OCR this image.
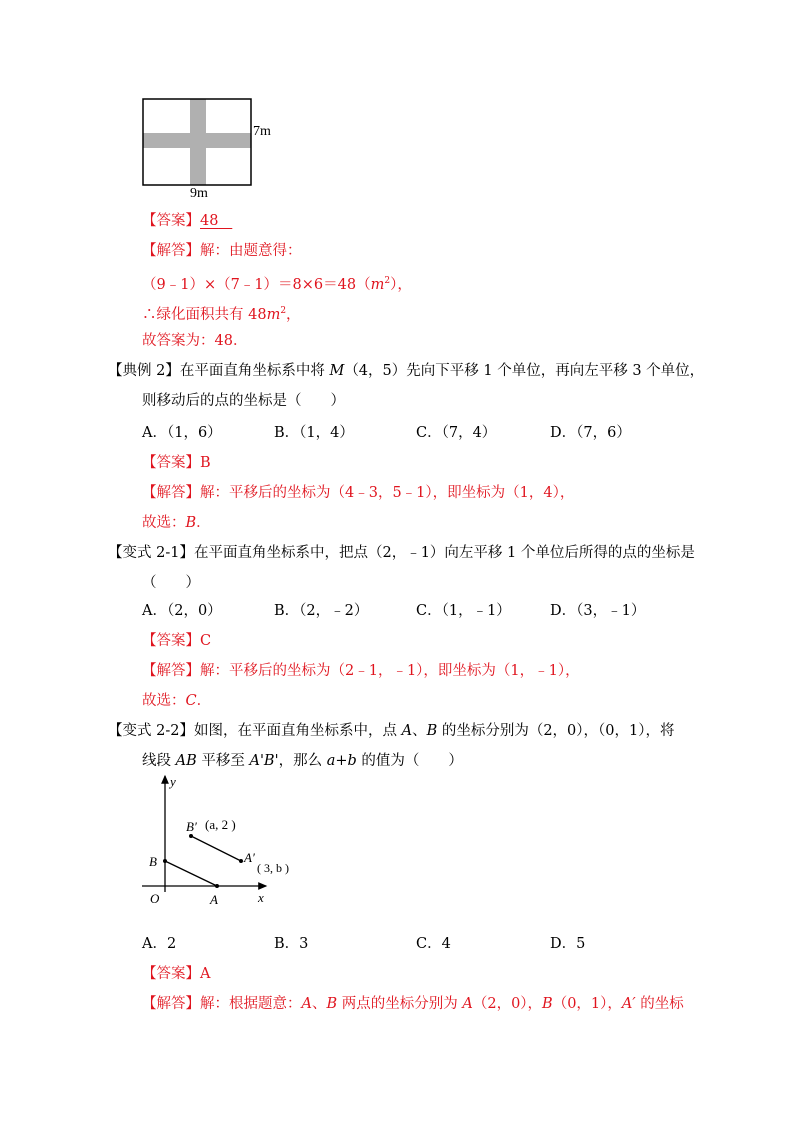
7m
9m
【答案】48
【解答】解：由题意得：
$(9﹣1)\times(7﹣1)=8\times 6=48(m^2)$，
∴绿化面积共有 $48m^2$，
故答案为：48．
【典例 2】在平面直角坐标系中将 M（4，5）先向下平移 1 个单位，再向左平移 3 个单位，
则移动后的点的坐标是（　　）
A．（1，6）	B．（1，4）	C．（7，4）	D．（7，6）
【答案】B
【解答】解：平移后的坐标为（4﹣3，5﹣1），即坐标为（1，4），
故选：B．
【变式 2-1】在平面直角坐标系中，把点（2，﹣1）向左平移 1 个单位后所得的点的坐标是
（　　）
A．（2，0）	B．（2，﹣2）	C．（1，﹣1）	D．（3，﹣1）
【答案】C
【解答】解：平移后的坐标为（2﹣1，﹣1），即坐标为（1，﹣1），
故选：C．
【变式 2-2】如图，在平面直角坐标系中，点 A、B 的坐标分别为（2，0），（0，1），将
线段 AB 平移至 A'B'，那么 a+b 的值为（　　）
y
x
O	A
B
B′ (a, 2 )
A′
( 3, b )
A．2	B．3	C．4	D．5
【答案】A
【解答】解：根据题意：A、B 两点的坐标分别为 A（2，0），B（0，1），A′ 的坐标
